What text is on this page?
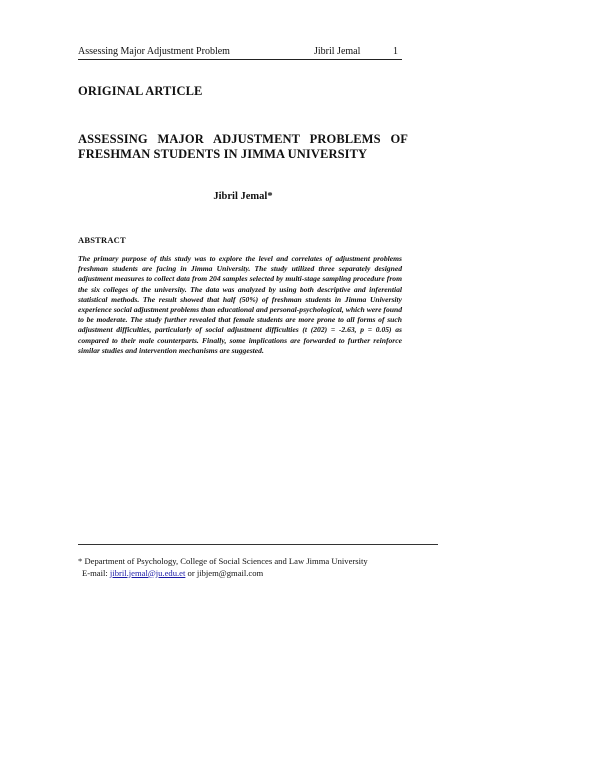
Assessing Major Adjustment Problem	Jibril Jemal	1
ORIGINAL ARTICLE
ASSESSING MAJOR ADJUSTMENT PROBLEMS OF FRESHMAN STUDENTS IN JIMMA UNIVERSITY
Jibril Jemal*
ABSTRACT
The primary purpose of this study was to explore the level and correlates of adjustment problems freshman students are facing in Jimma University. The study utilized three separately designed adjustment measures to collect data from 204 samples selected by multi-stage sampling procedure from the six colleges of the university. The data was analyzed by using both descriptive and inferential statistical methods. The result showed that half (50%) of freshman students in Jimma University experience social adjustment problems than educational and personal-psychological, which were found to be moderate. The study further revealed that female students are more prone to all forms of such adjustment difficulties, particularly of social adjustment difficulties (t (202) = -2.63, p = 0.05) as compared to their male counterparts. Finally, some implications are forwarded to further reinforce similar studies and intervention mechanisms are suggested.
* Department of Psychology, College of Social Sciences and Law Jimma University
E-mail: jibril.jemal@ju.edu.et or jibjem@gmail.com
